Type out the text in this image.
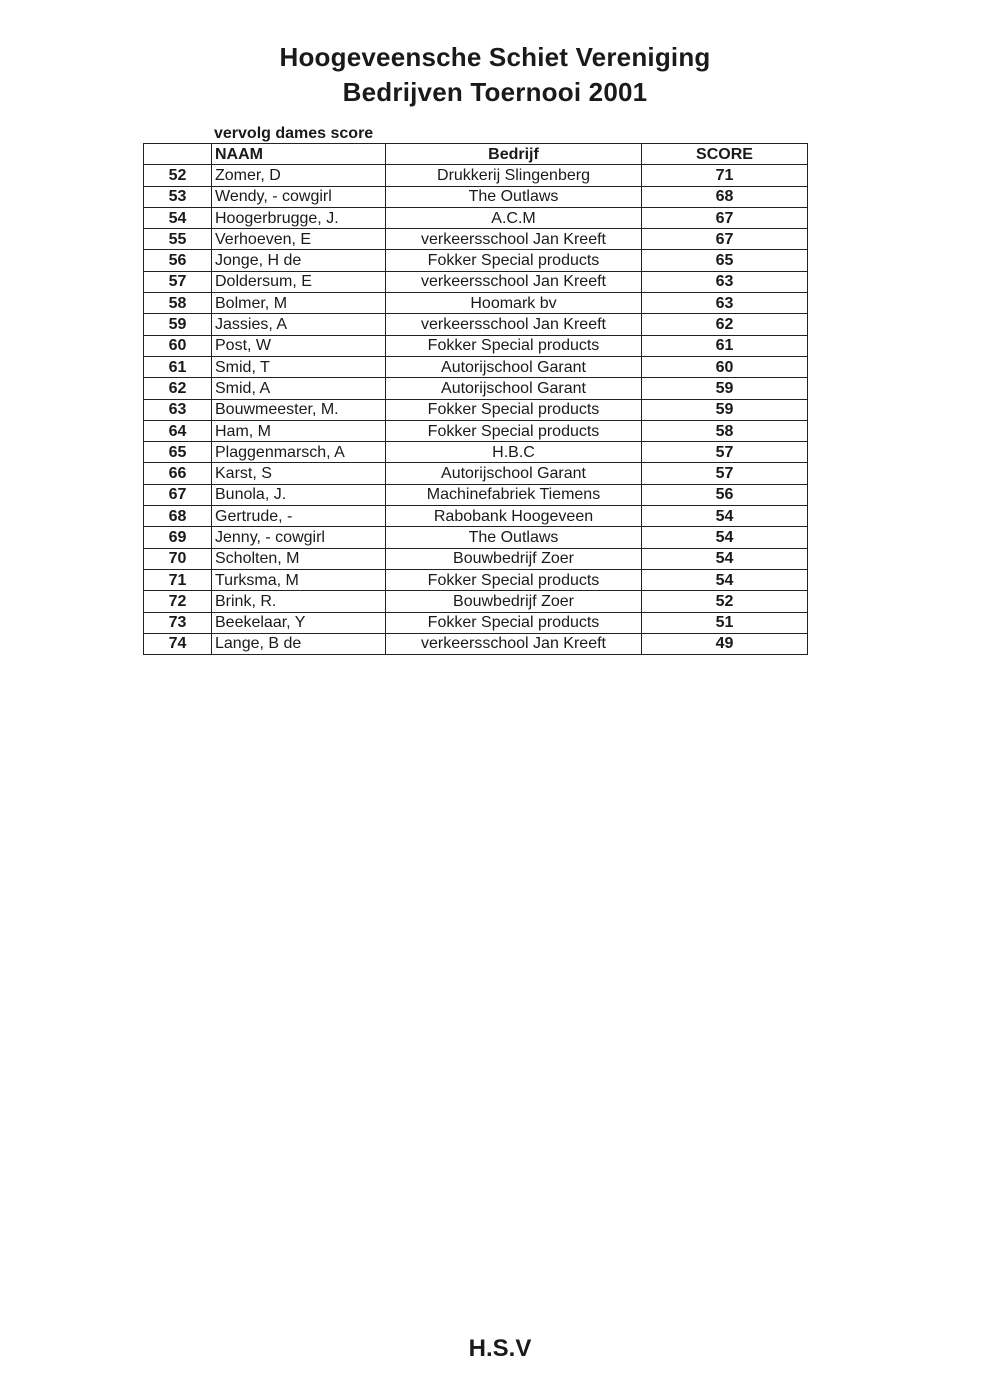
Hoogeveensche Schiet Vereniging
Bedrijven Toernooi 2001
vervolg dames score
	NAAM	Bedrijf	SCORE
52	Zomer, D	Drukkerij Slingenberg	71
53	Wendy, - cowgirl	The Outlaws	68
54	Hoogerbrugge, J.	A.C.M	67
55	Verhoeven, E	verkeersschool Jan Kreeft	67
56	Jonge, H de	Fokker Special products	65
57	Doldersum, E	verkeersschool Jan Kreeft	63
58	Bolmer, M	Hoomark bv	63
59	Jassies, A	verkeersschool Jan Kreeft	62
60	Post, W	Fokker Special products	61
61	Smid, T	Autorijschool Garant	60
62	Smid, A	Autorijschool Garant	59
63	Bouwmeester, M.	Fokker Special products	59
64	Ham, M	Fokker Special products	58
65	Plaggenmarsch, A	H.B.C	57
66	Karst, S	Autorijschool Garant	57
67	Bunola, J.	Machinefabriek Tiemens	56
68	Gertrude, -	Rabobank Hoogeveen	54
69	Jenny, - cowgirl	The Outlaws	54
70	Scholten, M	Bouwbedrijf Zoer	54
71	Turksma, M	Fokker Special products	54
72	Brink, R.	Bouwbedrijf Zoer	52
73	Beekelaar, Y	Fokker Special products	51
74	Lange, B de	verkeersschool Jan Kreeft	49
H.S.V
